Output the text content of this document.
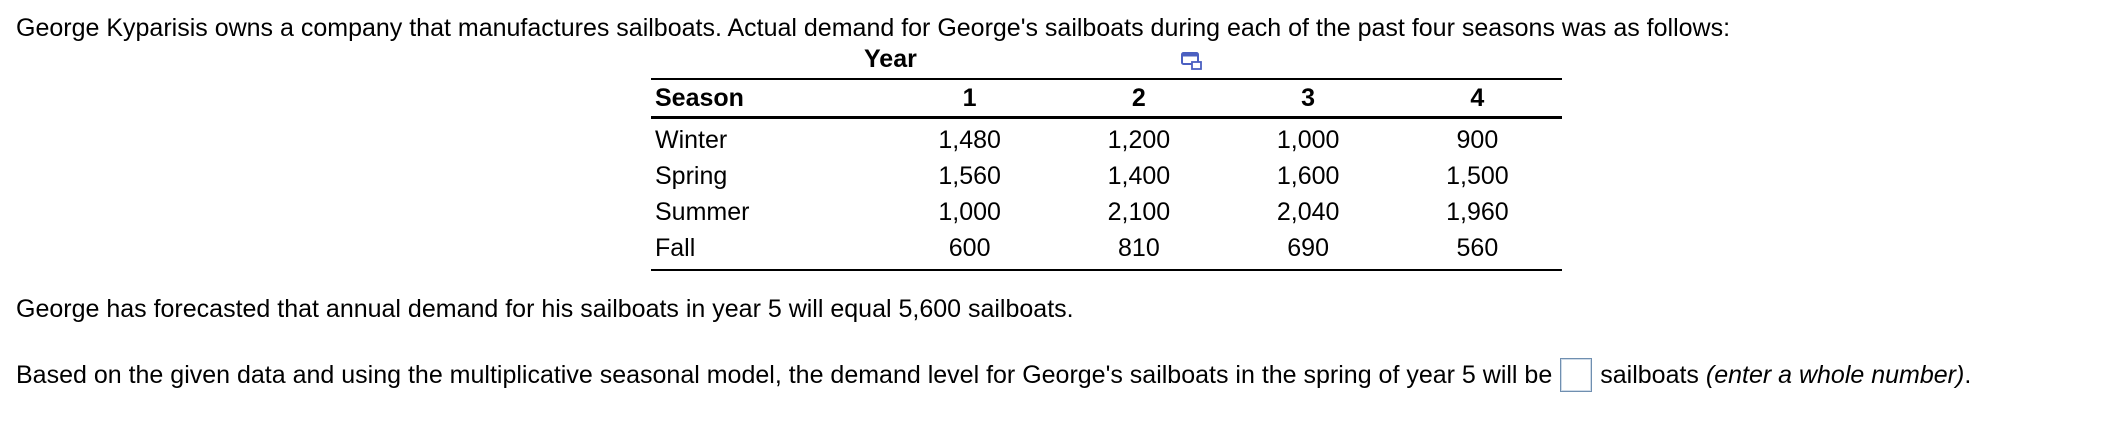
George Kyparisis owns a company that manufactures sailboats. Actual demand for George's sailboats during each of the past four seasons was as follows:
Year
Season	1	2	3	4
Winter	1,480	1,200	1,000	900
Spring	1,560	1,400	1,600	1,500
Summer	1,000	2,100	2,040	1,960
Fall	600	810	690	560
George has forecasted that annual demand for his sailboats in year 5 will equal 5,600 sailboats.
Based on the given data and using the multiplicative seasonal model, the demand level for George's sailboats in the spring of year 5 will be sailboats
(enter a whole number) .
